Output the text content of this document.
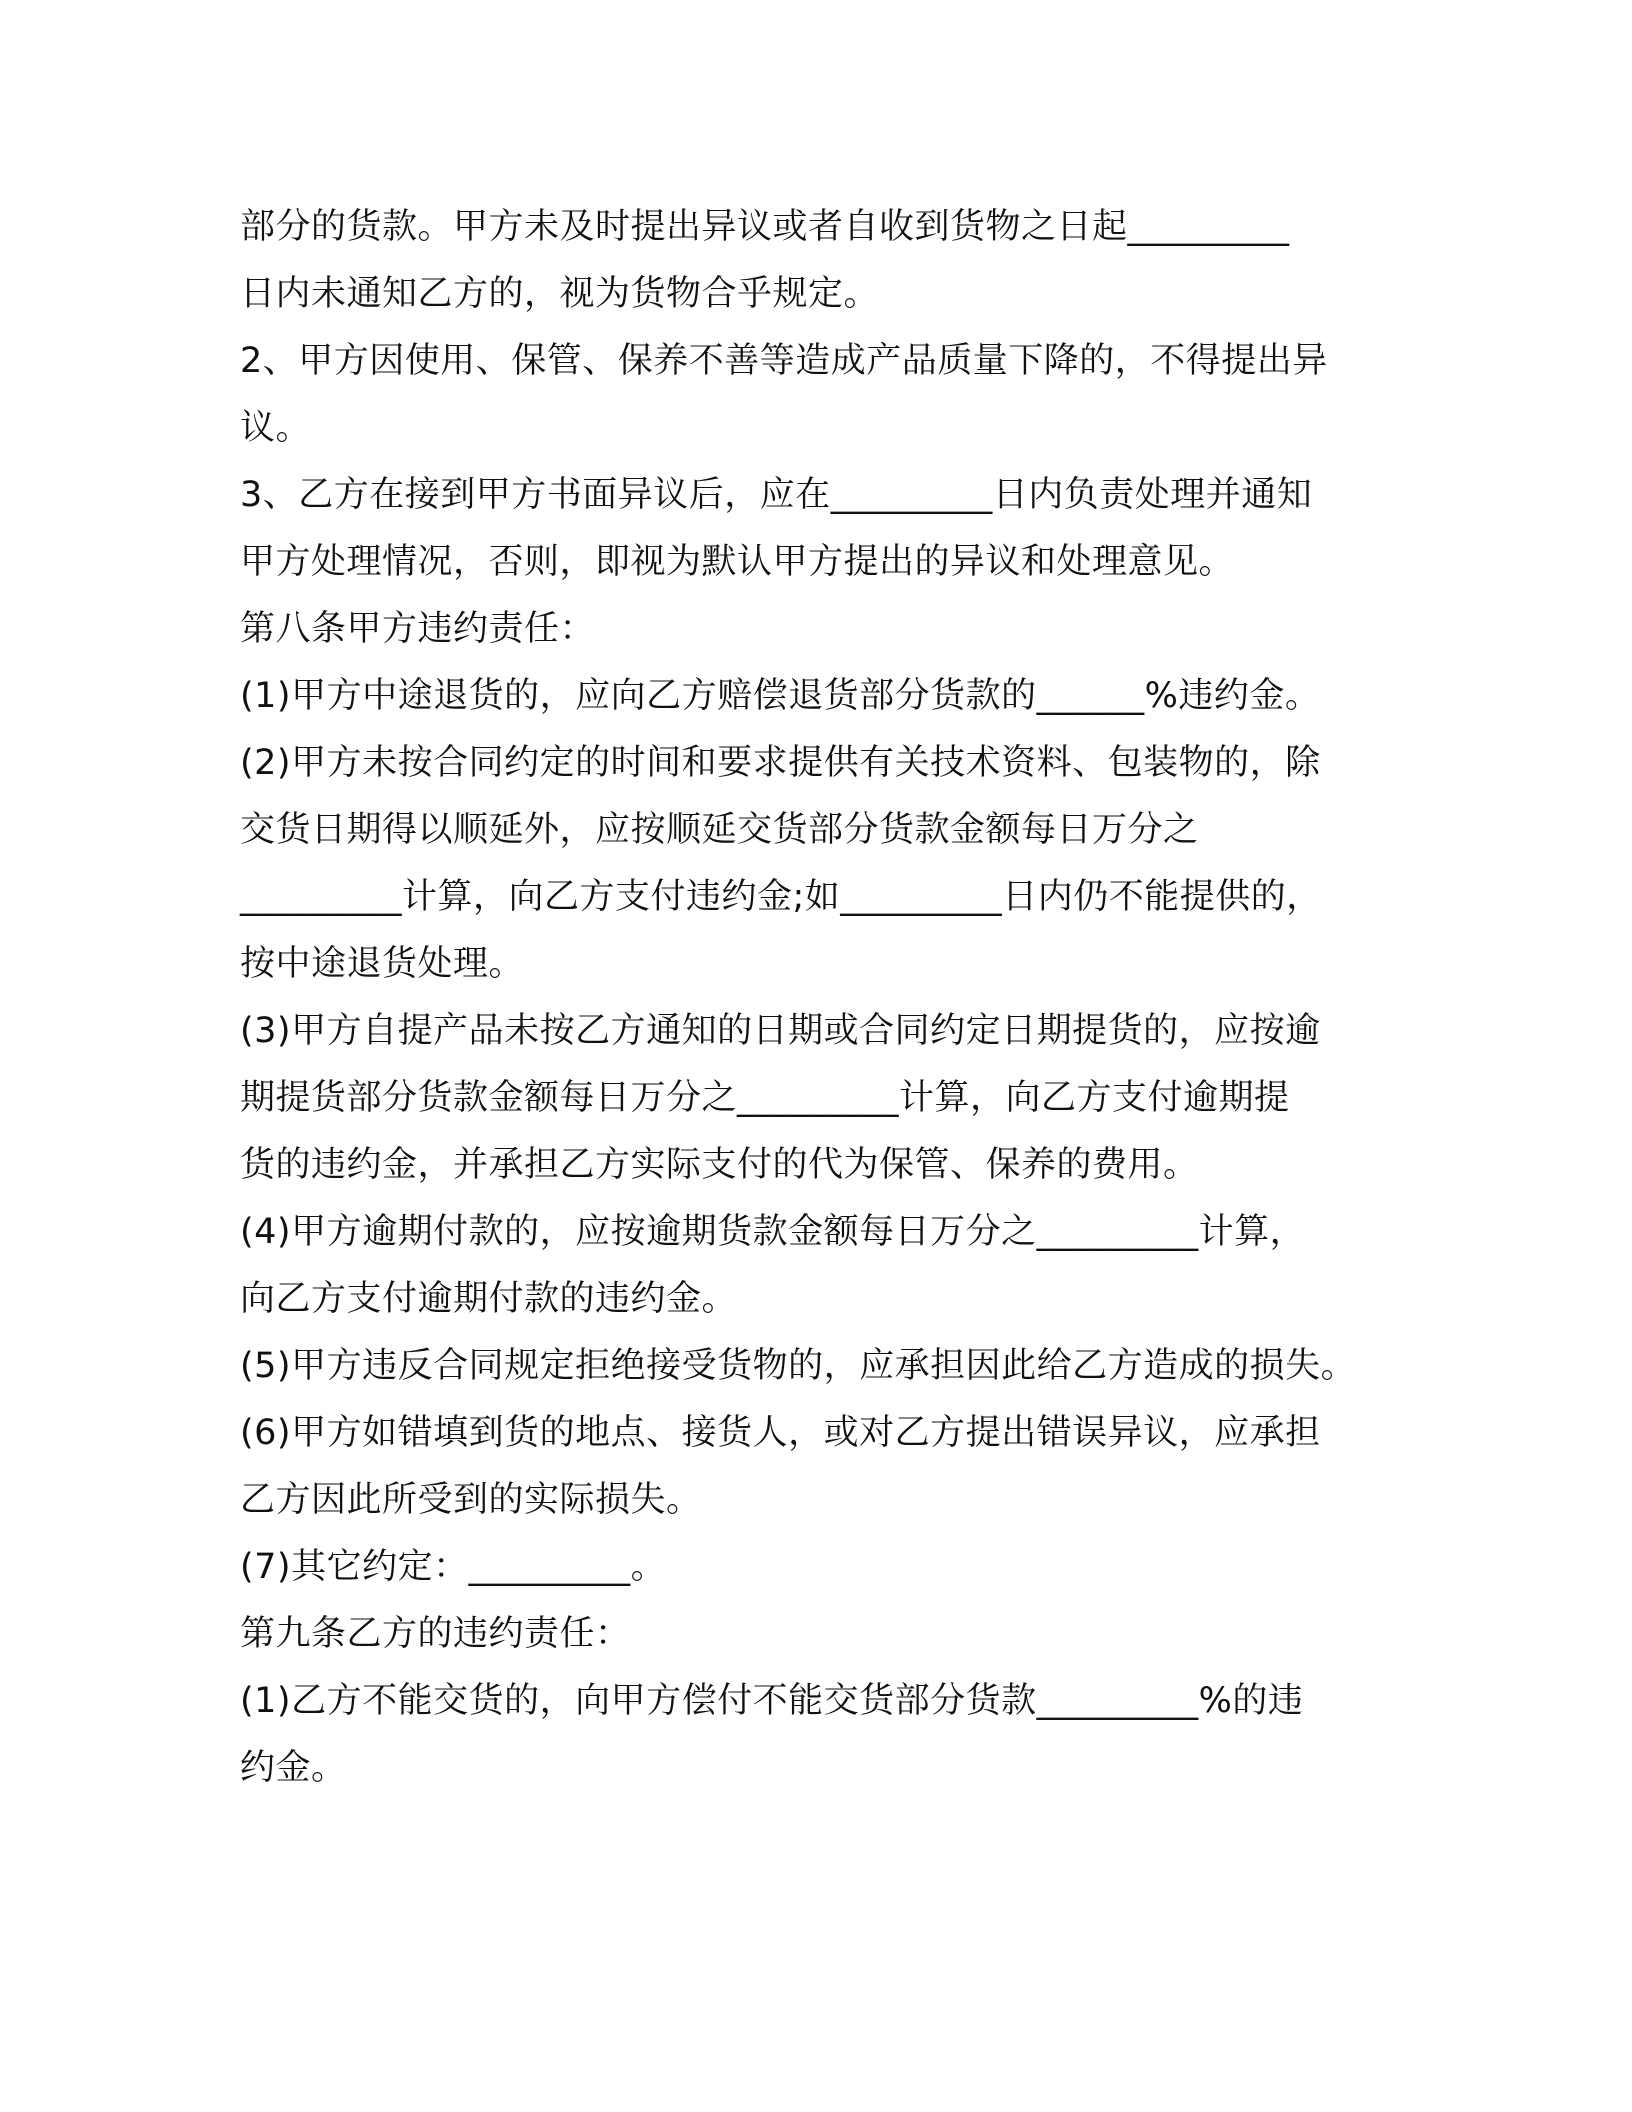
部分的货款。甲方未及时提出异议或者自收到货物之日起_________
日内未通知乙方的，视为货物合乎规定。
2、甲方因使用、保管、保养不善等造成产品质量下降的，不得提出异
议。
3、乙方在接到甲方书面异议后，应在_________日内负责处理并通知
甲方处理情况，否则，即视为默认甲方提出的异议和处理意见。
第八条甲方违约责任：
(1)甲方中途退货的，应向乙方赔偿退货部分货款的______%违约金。
(2)甲方未按合同约定的时间和要求提供有关技术资料、包装物的，除
交货日期得以顺延外，应按顺延交货部分货款金额每日万分之
_________计算，向乙方支付违约金;如_________日内仍不能提供的，
按中途退货处理。
(3)甲方自提产品未按乙方通知的日期或合同约定日期提货的，应按逾
期提货部分货款金额每日万分之_________计算，向乙方支付逾期提
货的违约金，并承担乙方实际支付的代为保管、保养的费用。
(4)甲方逾期付款的，应按逾期货款金额每日万分之_________计算，
向乙方支付逾期付款的违约金。
(5)甲方违反合同规定拒绝接受货物的，应承担因此给乙方造成的损失。
(6)甲方如错填到货的地点、接货人，或对乙方提出错误异议，应承担
乙方因此所受到的实际损失。
(7)其它约定：_________。
第九条乙方的违约责任：
(1)乙方不能交货的，向甲方偿付不能交货部分货款_________%的违
约金。
